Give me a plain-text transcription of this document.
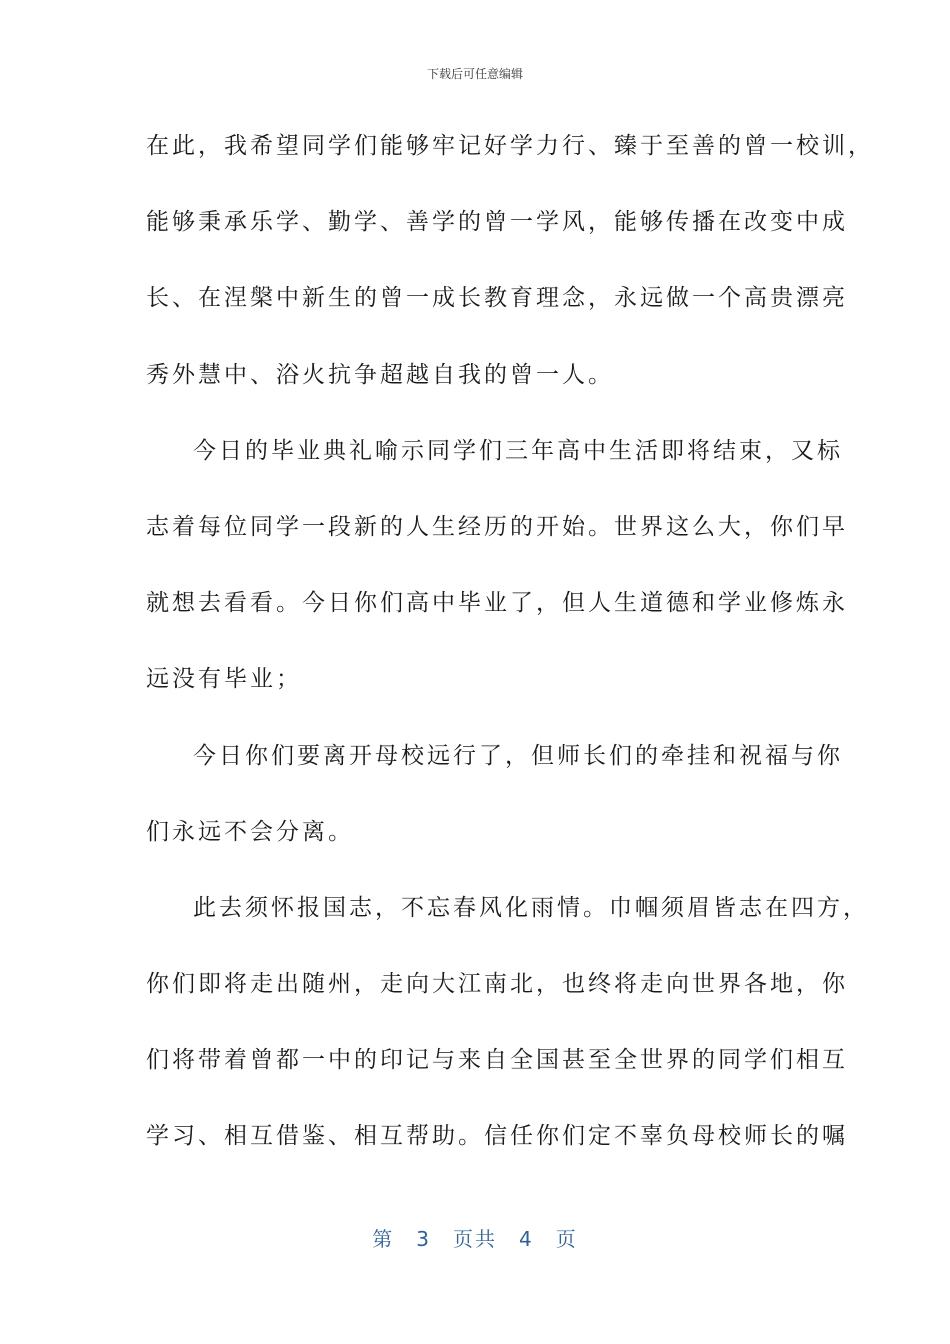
下载后可任意编辑
在此，我希望同学们能够牢记好学力行、臻于至善的曾一校训，
能够秉承乐学、勤学、善学的曾一学风，能够传播在改变中成
长、在涅槃中新生的曾一成长教育理念，永远做一个高贵漂亮
秀外慧中、浴火抗争超越自我的曾一人。
今日的毕业典礼喻示同学们三年高中生活即将结束，又标
志着每位同学一段新的人生经历的开始。世界这么大，你们早
就想去看看。今日你们高中毕业了，但人生道德和学业修炼永
远没有毕业；
今日你们要离开母校远行了，但师长们的牵挂和祝福与你
们永远不会分离。
此去须怀报国志，不忘春风化雨情。巾帼须眉皆志在四方，
你们即将走出随州，走向大江南北，也终将走向世界各地，你
们将带着曾都一中的印记与来自全国甚至全世界的同学们相互
学习、相互借鉴、相互帮助。信任你们定不辜负母校师长的嘱
第 3 页共 4 页
